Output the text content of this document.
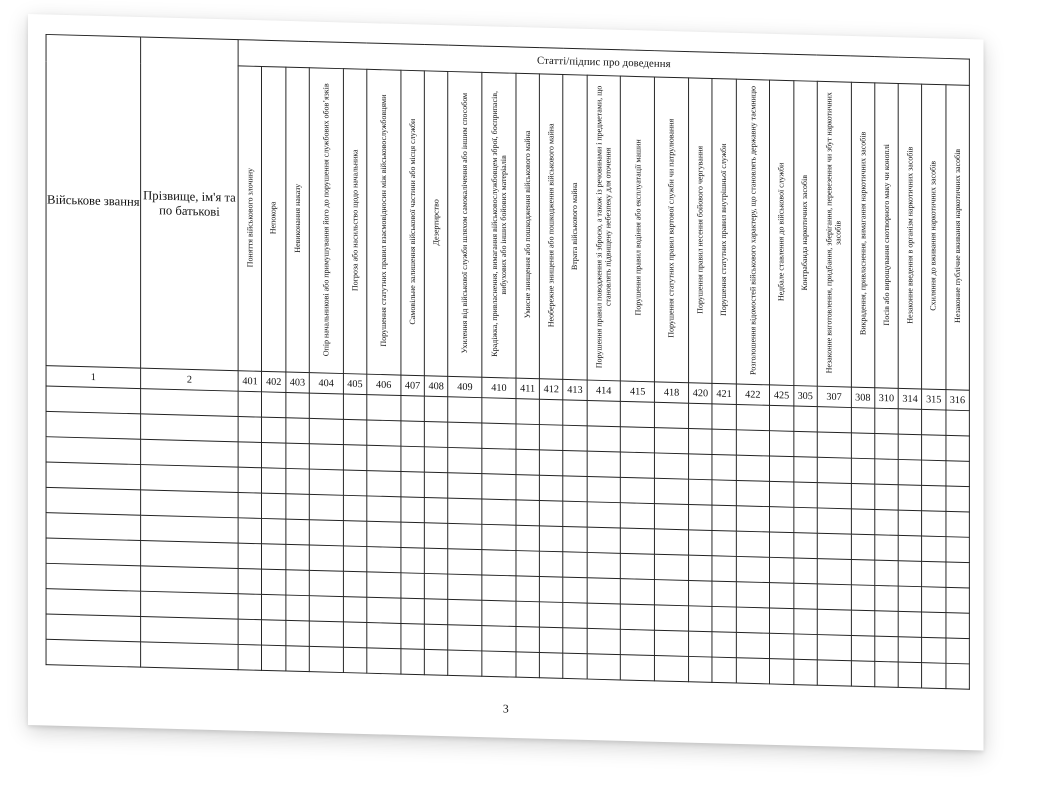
Військове звання	Прізвище, ім'я та по батькові	Статті/підпис про доведення																										
		Поняття військового злочину	Непокора	Невиконання наказу	Опір начальникові або примушування його до порушення службових обов’язків	Погроза або насильство щодо начальника	Порушення статутних правил взаємовідносин між військовослужбовцями	Самовільне залишення військової частини або місця служби	Дезертирство	Ухилення від військової служби шляхом самокалічення або іншим способом	Крадіжка, привласнення, вимагання військовослужбовцем зброї, боєприпасів, вибухових або інших бойових матеріалів	Умисне знищення або пошкодження військового майна	Необережне знищення або пошкодження військового майна	Втрата військового майна	Порушення правил поводження зі зброєю, а також із речовинами і предметами, що становлять підвищену небезпеку для оточення	Порушення правил водіння або експлуатації машин	Порушення статутних правил вартової служби чи патрулювання	Порушення правил несення бойового чергування	Порушення статутних правил внутрішньої служби	Розголошення відомостей військового характеру, що становлять державну таємницю	Недбале ставлення до військової служби	Контрабанда наркотичних засобів	Незаконне виготовлення, придбання, зберігання, перевезення чи збут наркотичних засобів	Викрадення, привласнення, вимагання наркотичних засобів	Посів або вирощування снотворного маку чи коноплі	Незаконне введення в організм наркотичних засобів	Схиляння до вживання наркотичних засобів	Незаконне публічне вживання наркотичних засобів
1	2	401	402	403	404	405	406	407	408	409	410	411	412	413	414	415	418	420	421	422	425	305	307	308	310	314	315	316

3
